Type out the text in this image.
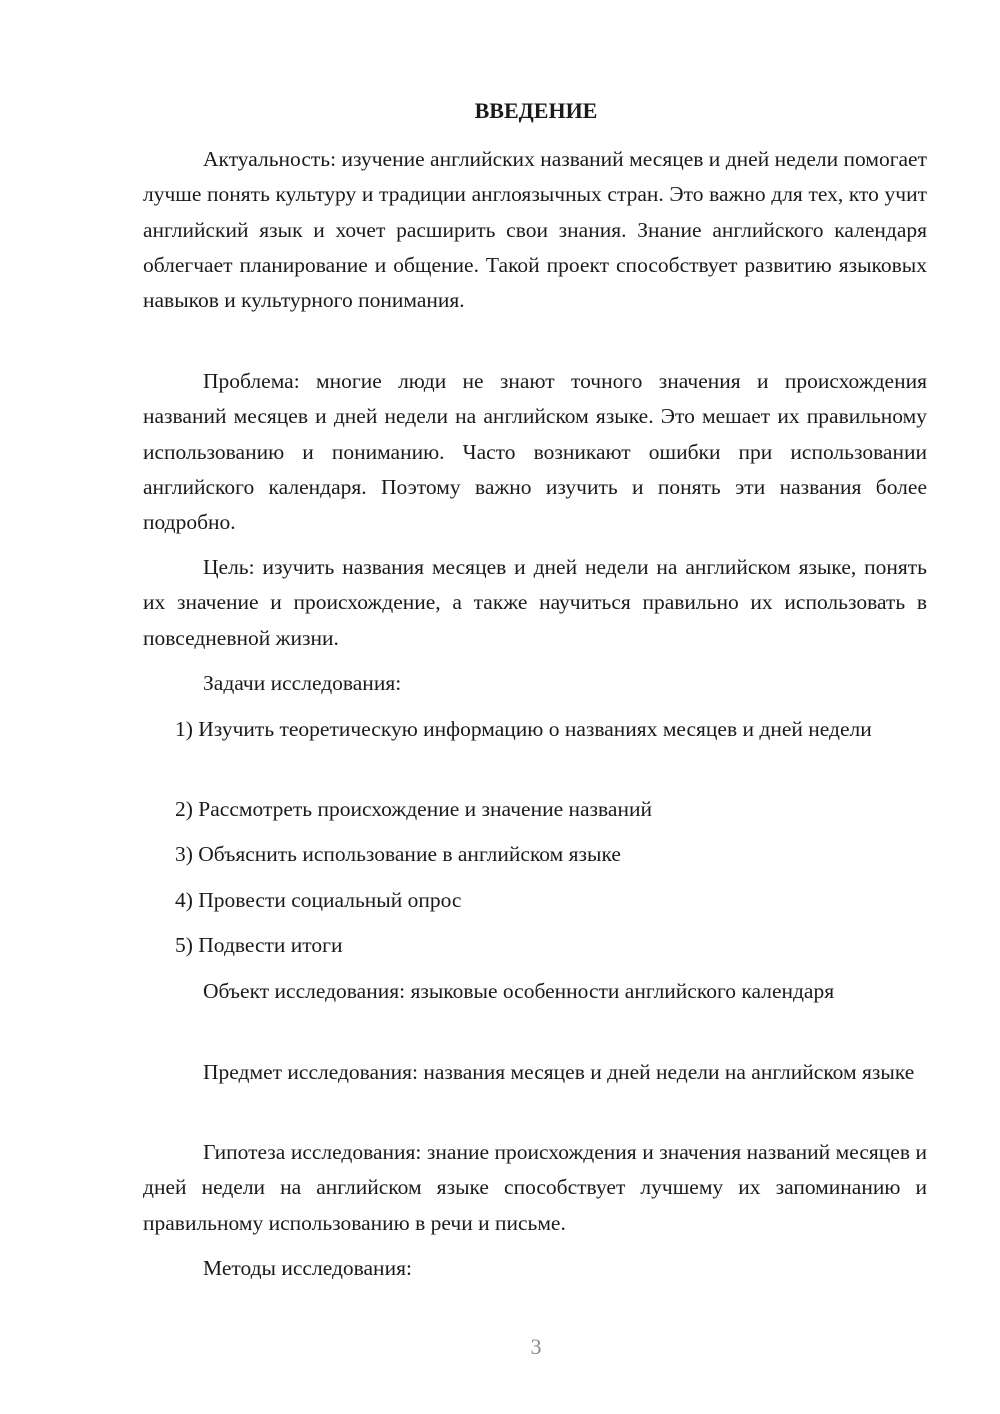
ВВЕДЕНИЕ

Актуальность: изучение английских названий месяцев и дней недели помогает лучше понять культуру и традиции англоязычных стран. Это важно для тех, кто учит английский язык и хочет расширить свои знания. Знание английского календаря облегчает планирование и общение. Такой проект способствует развитию языковых навыков и культурного понимания.

Проблема: многие люди не знают точного значения и происхождения названий месяцев и дней недели на английском языке. Это мешает их правильному использованию и пониманию. Часто возникают ошибки при использовании английского календаря. Поэтому важно изучить и понять эти названия более подробно.

Цель: изучить названия месяцев и дней недели на английском языке, понять их значение и происхождение, а также научиться правильно их использовать в повседневной жизни.

Задачи исследования:

1) Изучить теоретическую информацию о названиях месяцев и дней недели

2) Рассмотреть происхождение и значение названий

3) Объяснить использование в английском языке

4) Провести социальный опрос

5) Подвести итоги

Объект исследования: языковые особенности английского календаря

Предмет исследования: названия месяцев и дней недели на английском языке

Гипотеза исследования: знание происхождения и значения названий месяцев и дней недели на английском языке способствует лучшему их запоминанию и правильному использованию в речи и письме.

Методы исследования:

3
